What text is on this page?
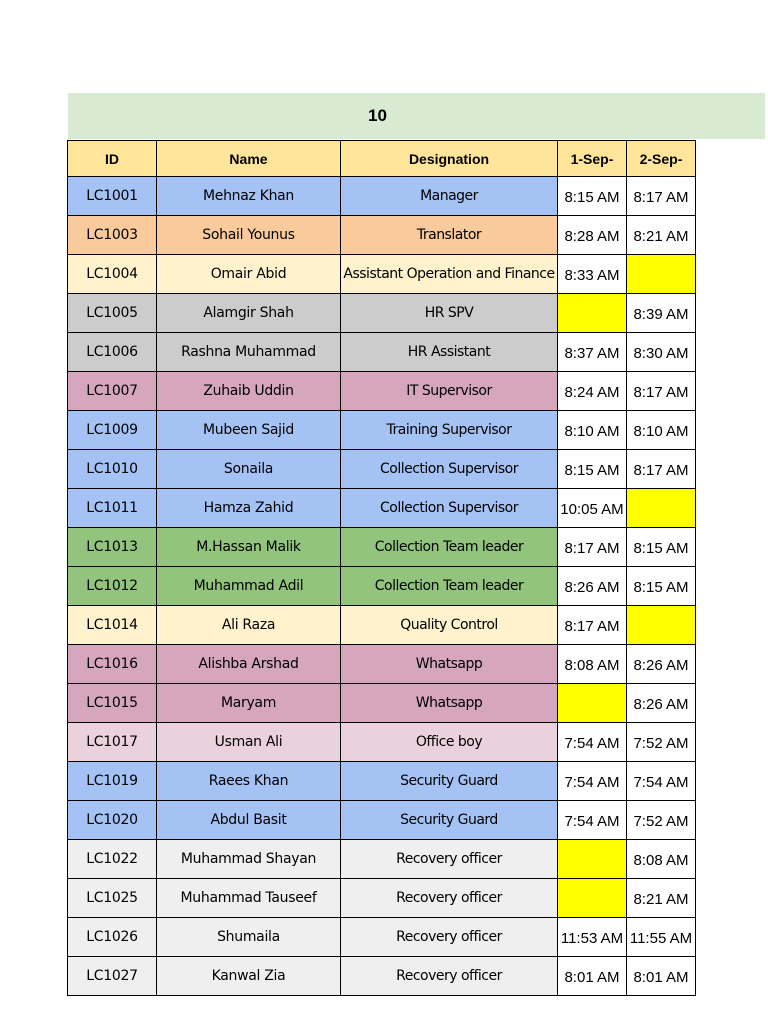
10
ID	Name	Designation	1-Sep-	2-Sep-
LC1001	Mehnaz Khan	Manager	8:15 AM	8:17 AM
LC1003	Sohail Younus	Translator	8:28 AM	8:21 AM
LC1004	Omair Abid	Assistant Operation and Finance	8:33 AM	
LC1005	Alamgir Shah	HR SPV		8:39 AM
LC1006	Rashna Muhammad	HR Assistant	8:37 AM	8:30 AM
LC1007	Zuhaib Uddin	IT Supervisor	8:24 AM	8:17 AM
LC1009	Mubeen Sajid	Training Supervisor	8:10 AM	8:10 AM
LC1010	Sonaila	Collection Supervisor	8:15 AM	8:17 AM
LC1011	Hamza Zahid	Collection Supervisor	10:05 AM	
LC1013	M.Hassan Malik	Collection Team leader	8:17 AM	8:15 AM
LC1012	Muhammad Adil	Collection Team leader	8:26 AM	8:15 AM
LC1014	Ali Raza	Quality Control	8:17 AM	
LC1016	Alishba Arshad	Whatsapp	8:08 AM	8:26 AM
LC1015	Maryam	Whatsapp		8:26 AM
LC1017	Usman Ali	Office boy	7:54 AM	7:52 AM
LC1019	Raees Khan	Security Guard	7:54 AM	7:54 AM
LC1020	Abdul Basit	Security Guard	7:54 AM	7:52 AM
LC1022	Muhammad Shayan	Recovery officer		8:08 AM
LC1025	Muhammad Tauseef	Recovery officer		8:21 AM
LC1026	Shumaila	Recovery officer	11:53 AM	11:55 AM
LC1027	Kanwal Zia	Recovery officer	8:01 AM	8:01 AM
